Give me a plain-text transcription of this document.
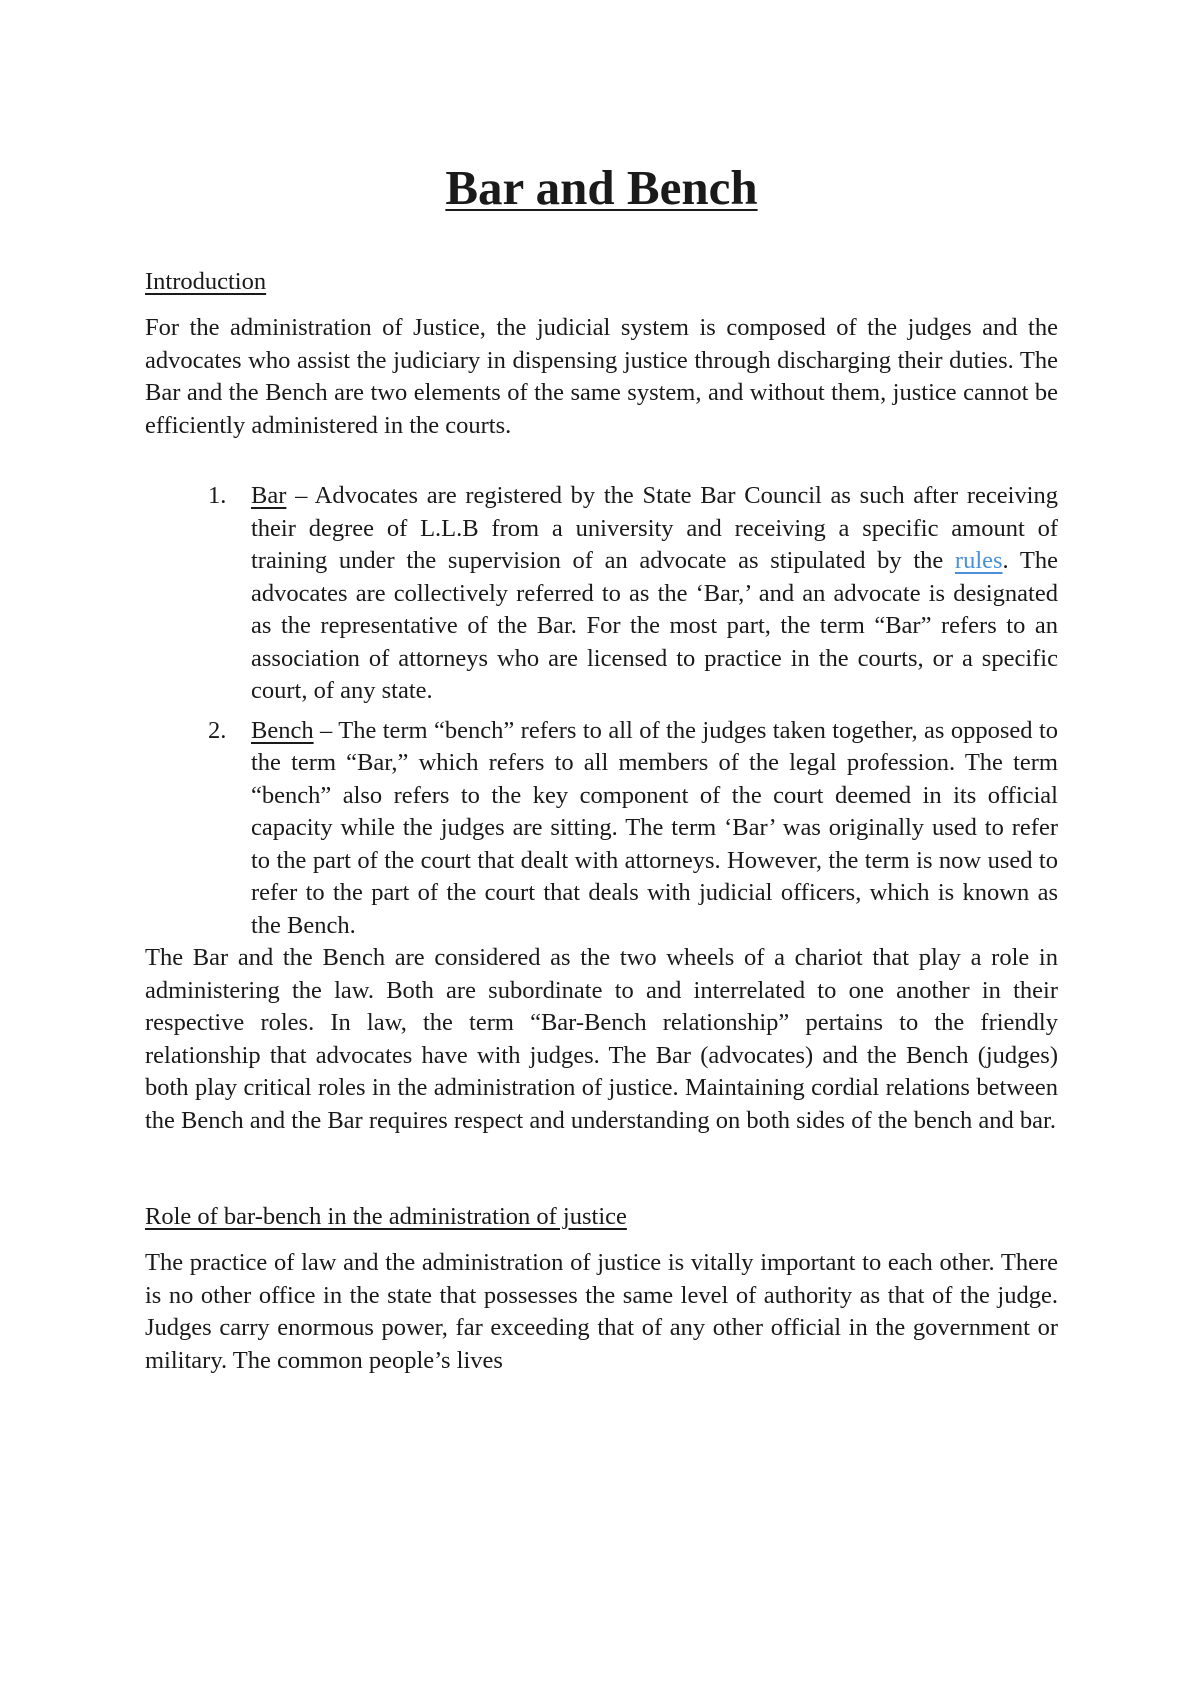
Bar and Bench

Introduction

For the administration of Justice, the judicial system is composed of the judges and the advocates who assist the judiciary in dispensing justice through discharging their duties. The Bar and the Bench are two elements of the same system, and without them, justice cannot be efficiently administered in the courts.

1. Bar – Advocates are registered by the State Bar Council as such after receiving their degree of L.L.B from a university and receiving a specific amount of training under the supervision of an advocate as stipulated by the rules. The advocates are collectively referred to as the ‘Bar,’ and an advocate is designated as the representative of the Bar. For the most part, the term “Bar” refers to an association of attorneys who are licensed to practice in the courts, or a specific court, of any state.
2. Bench – The term “bench” refers to all of the judges taken together, as opposed to the term “Bar,” which refers to all members of the legal profession. The term “bench” also refers to the key component of the court deemed in its official capacity while the judges are sitting. The term ‘Bar’ was originally used to refer to the part of the court that dealt with attorneys. However, the term is now used to refer to the part of the court that deals with judicial officers, which is known as the Bench.

The Bar and the Bench are considered as the two wheels of a chariot that play a role in administering the law. Both are subordinate to and interrelated to one another in their respective roles. In law, the term “Bar-Bench relationship” pertains to the friendly relationship that advocates have with judges. The Bar (advocates) and the Bench (judges) both play critical roles in the administration of justice. Maintaining cordial relations between the Bench and the Bar requires respect and understanding on both sides of the bench and bar.

Role of bar-bench in the administration of justice

The practice of law and the administration of justice is vitally important to each other. There is no other office in the state that possesses the same level of authority as that of the judge. Judges carry enormous power, far exceeding that of any other official in the government or military. The common people’s lives
